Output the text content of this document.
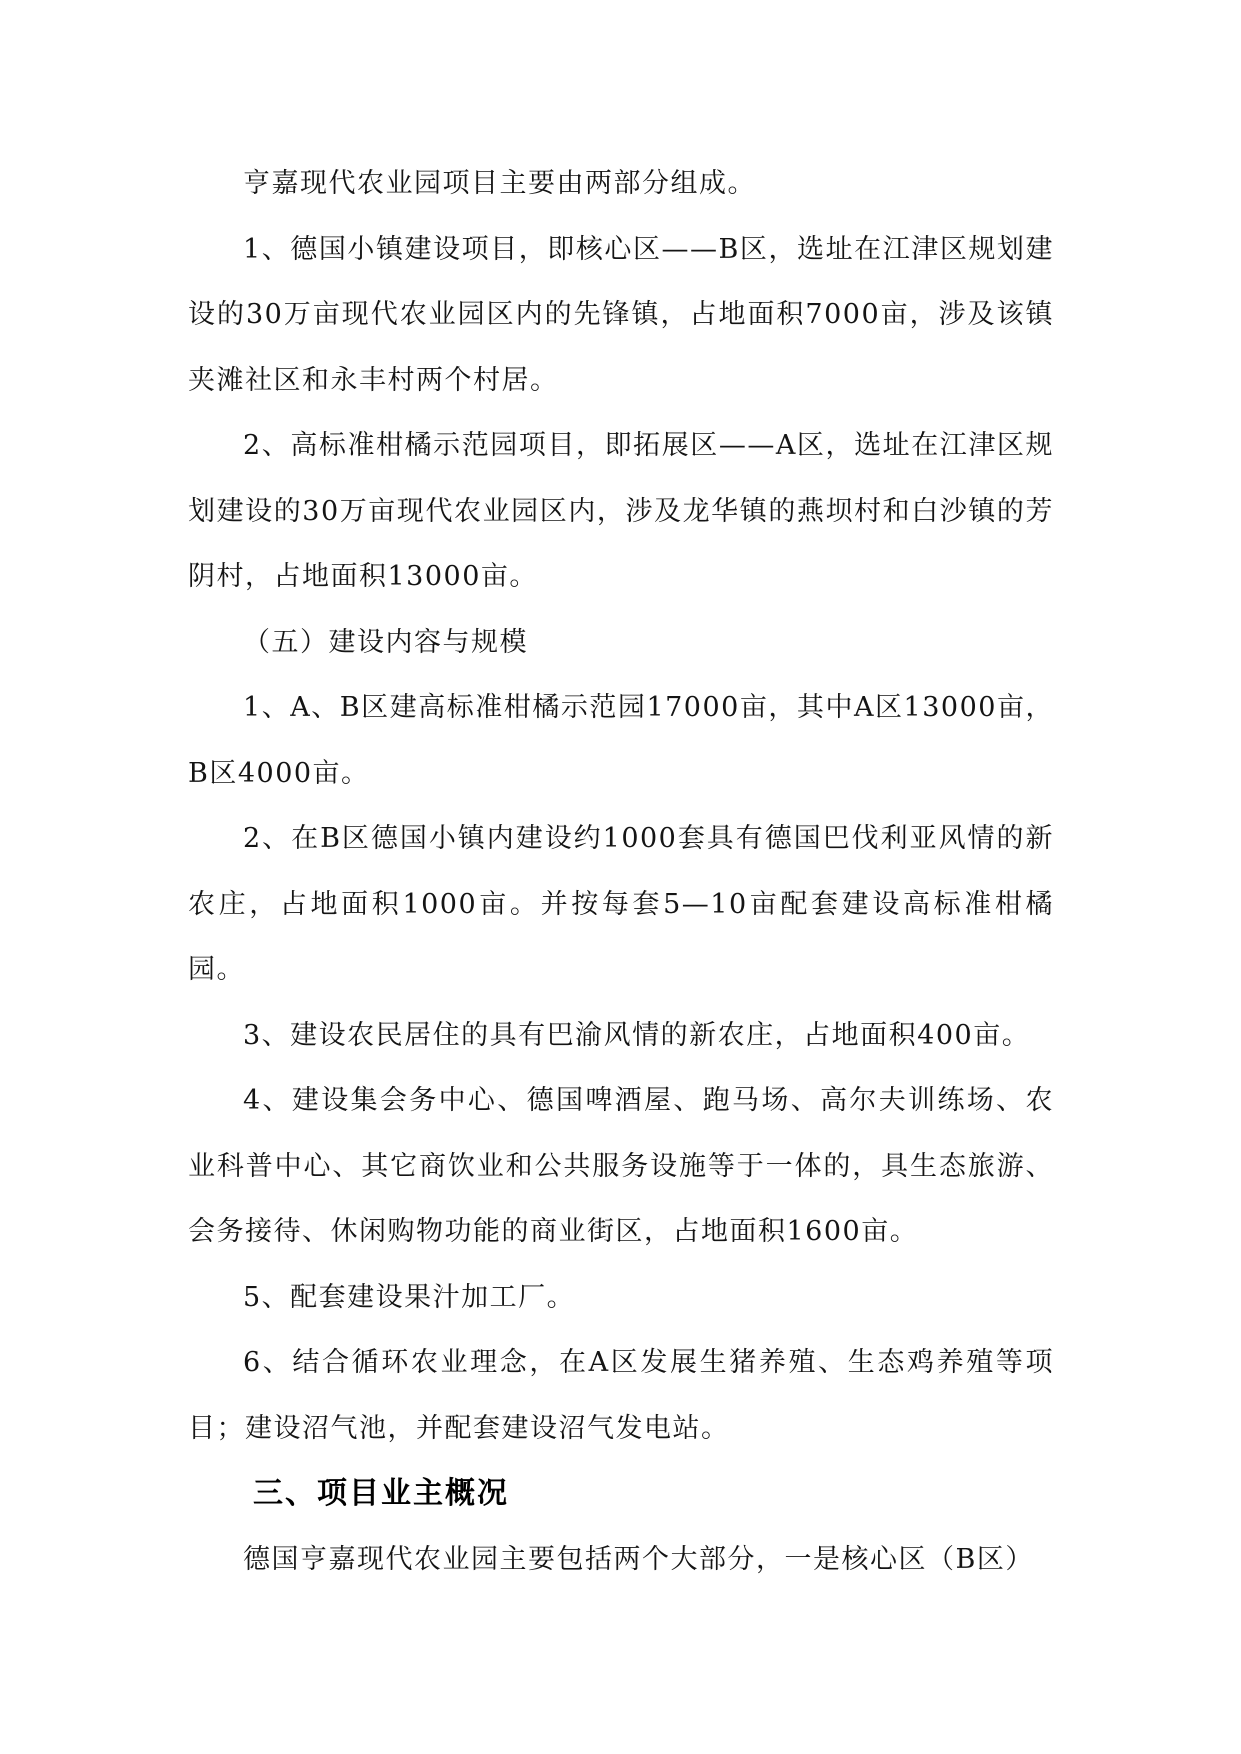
亨嘉现代农业园项目主要由两部分组成。

1、德国小镇建设项目，即核心区——B区，选址在江津区规划建设的30万亩现代农业园区内的先锋镇，占地面积7000亩，涉及该镇夹滩社区和永丰村两个村居。

2、高标准柑橘示范园项目，即拓展区——A区，选址在江津区规划建设的30万亩现代农业园区内，涉及龙华镇的燕坝村和白沙镇的芳阴村，占地面积13000亩。

（五）建设内容与规模

1、A、B区建高标准柑橘示范园17000亩，其中A区13000亩，B区4000亩。

2、在B区德国小镇内建设约1000套具有德国巴伐利亚风情的新农庄，占地面积1000亩。并按每套5—10亩配套建设高标准柑橘园。

3、建设农民居住的具有巴渝风情的新农庄，占地面积400亩。

4、建设集会务中心、德国啤酒屋、跑马场、高尔夫训练场、农业科普中心、其它商饮业和公共服务设施等于一体的，具生态旅游、会务接待、休闲购物功能的商业街区，占地面积1600亩。

5、配套建设果汁加工厂。

6、结合循环农业理念，在A区发展生猪养殖、生态鸡养殖等项目；建设沼气池，并配套建设沼气发电站。

三、项目业主概况

德国亨嘉现代农业园主要包括两个大部分，一是核心区（B区）
